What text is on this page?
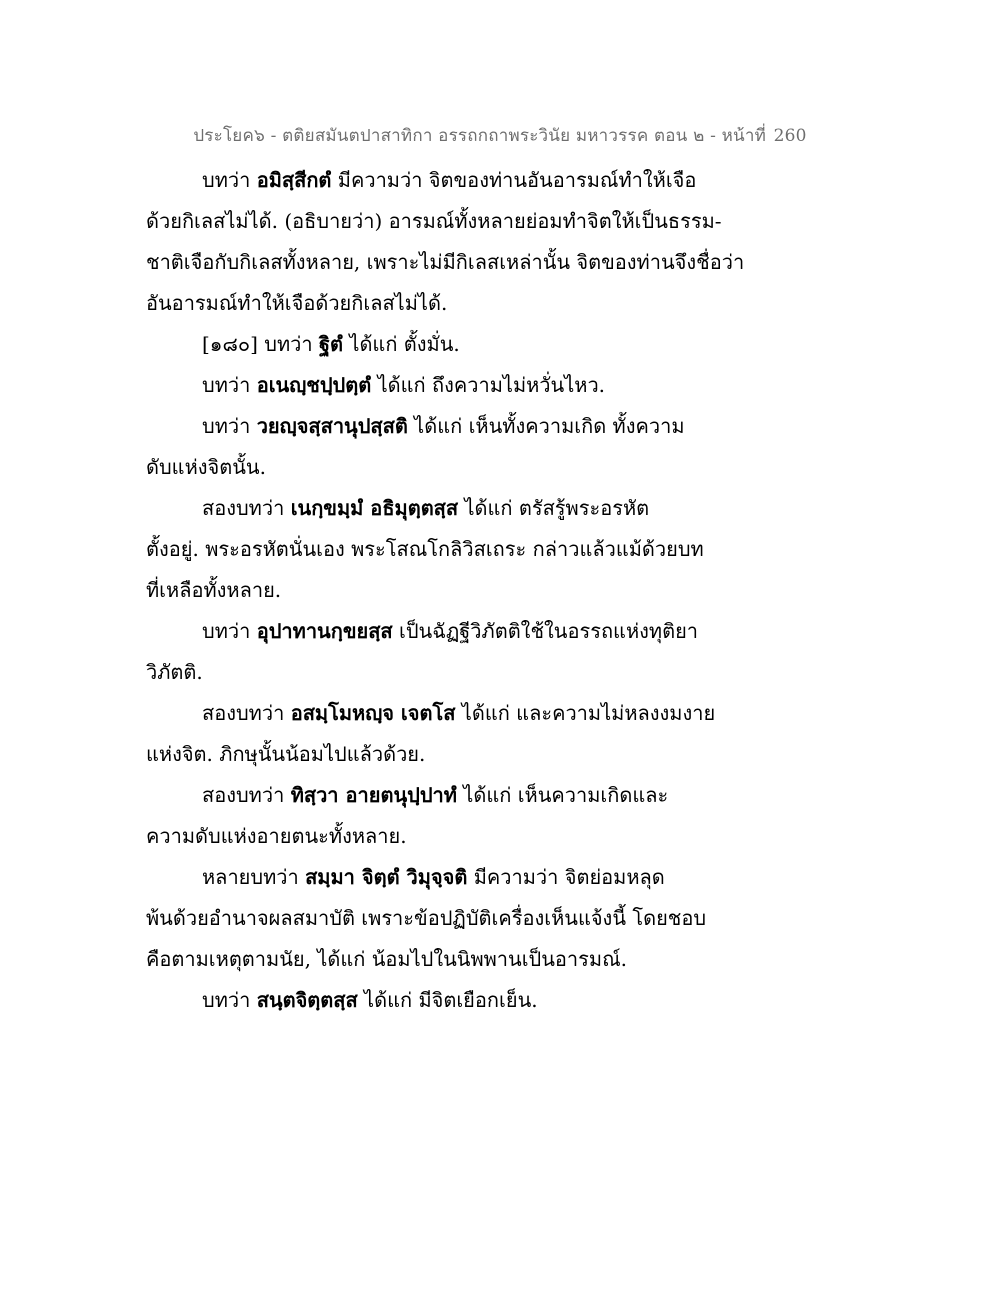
ประโยค๖ - ตติยสมันตปาสาทิกา อรรถกถาพระวินัย มหาวรรค ตอน ๒ - หน้าที่ 260

บทว่า อมิสฺสีกตํ มีความว่า จิตของท่านอันอารมณ์ทำให้เจือ
ด้วยกิเลสไม่ได้. (อธิบายว่า) อารมณ์ทั้งหลายย่อมทำจิตให้เป็นธรรม-
ชาติเจือกับกิเลสทั้งหลาย, เพราะไม่มีกิเลสเหล่านั้น จิตของท่านจึงชื่อว่า
อันอารมณ์ทำให้เจือด้วยกิเลสไม่ได้.

[๑๘๐] บทว่า ฐิตํ ได้แก่ ตั้งมั่น.

บทว่า อเนญฺชปฺปตฺตํ ได้แก่ ถึงความไม่หวั่นไหว.

บทว่า วยญฺจสฺสานุปสฺสติ ได้แก่ เห็นทั้งความเกิด ทั้งความ
ดับแห่งจิตนั้น.

สองบทว่า เนกฺขมฺมํ อธิมุตฺตสฺส ได้แก่ ตรัสรู้พระอรหัต
ตั้งอยู่. พระอรหัตนั่นเอง พระโสณโกลิวิสเถระ กล่าวแล้วแม้ด้วยบท
ที่เหลือทั้งหลาย.

บทว่า อุปาทานกฺขยสฺส เป็นฉัฏฐีวิภัตติใช้ในอรรถแห่งทุติยา
วิภัตติ.

สองบทว่า อสมฺโมหญฺจ เจตโส ได้แก่ และความไม่หลงงมงาย
แห่งจิต. ภิกษุนั้นน้อมไปแล้วด้วย.

สองบทว่า ทิสฺวา อายตนุปฺปาทํ ได้แก่ เห็นความเกิดและ
ความดับแห่งอายตนะทั้งหลาย.

หลายบทว่า สมฺมา จิตฺตํ วิมุจฺจติ มีความว่า จิตย่อมหลุด
พ้นด้วยอำนาจผลสมาบัติ เพราะข้อปฏิบัติเครื่องเห็นแจ้งนี้ โดยชอบ
คือตามเหตุตามนัย, ได้แก่ น้อมไปในนิพพานเป็นอารมณ์.

บทว่า สนฺตจิตฺตสฺส ได้แก่ มีจิตเยือกเย็น.
